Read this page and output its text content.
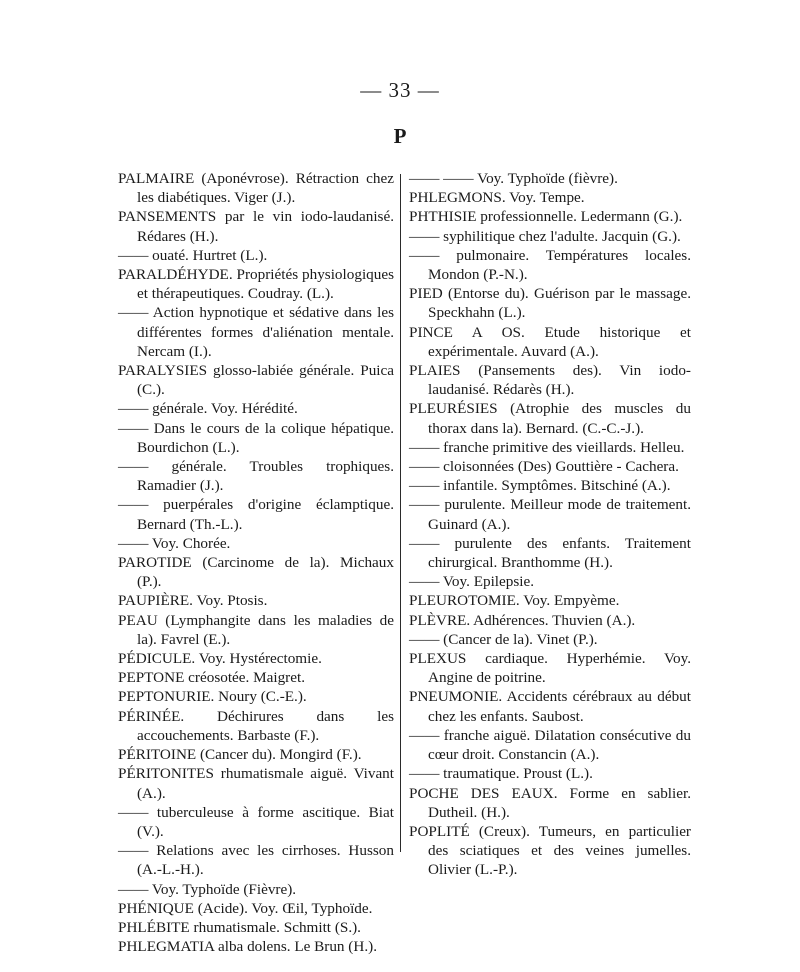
— 33 —
P

PALMAIRE (Aponévrose). Rétraction chez les diabétiques. Viger (J.).

PANSEMENTS par le vin iodo-laudanisé. Rédares (H.).

—— ouaté. Hurtret (L.).

PARALDÉHYDE. Propriétés physiologiques et thérapeutiques. Coudray. (L.).

—— Action hypnotique et sédative dans les différentes formes d'aliénation mentale. Nercam (I.).

PARALYSIES glosso-labiée générale. Puica (C.).

—— générale. Voy. Hérédité.

—— Dans le cours de la colique hépatique. Bourdichon (L.).

—— générale. Troubles trophiques. Ramadier (J.).

—— puerpérales d'origine éclamptique. Bernard (Th.-L.).

—— Voy. Chorée.

PAROTIDE (Carcinome de la). Michaux (P.).

PAUPIÈRE. Voy. Ptosis.

PEAU (Lymphangite dans les maladies de la). Favrel (E.).

PÉDICULE. Voy. Hystérectomie.

PEPTONE créosotée. Maigret.

PEPTONURIE. Noury (C.-E.).

PÉRINÉE. Déchirures dans les accouchements. Barbaste (F.).

PÉRITOINE (Cancer du). Mongird (F.).

PÉRITONITES rhumatismale aiguë. Vivant (A.).

—— tuberculeuse à forme ascitique. Biat (V.).

—— Relations avec les cirrhoses. Husson (A.-L.-H.).

—— Voy. Typhoïde (Fièvre).

PHÉNIQUE (Acide). Voy. Œil, Typhoïde.

PHLÉBITE rhumatismale. Schmitt (S.).

PHLEGMATIA alba dolens. Le Brun (H.).

—— —— Voy. Typhoïde (fièvre).

PHLEGMONS. Voy. Tempe.

PHTHISIE professionnelle. Ledermann (G.).

—— syphilitique chez l'adulte. Jacquin (G.).

—— pulmonaire. Températures locales. Mondon (P.-N.).

PIED (Entorse du). Guérison par le massage. Speckhahn (L.).

PINCE A OS. Etude historique et expérimentale. Auvard (A.).

PLAIES (Pansements des). Vin iodo-laudanisé. Rédarès (H.).

PLEURÉSIES (Atrophie des muscles du thorax dans la). Bernard. (C.-C.-J.).

—— franche primitive des vieillards. Helleu.

—— cloisonnées (Des) Gouttière - Cachera.

—— infantile. Symptômes. Bitschiné (A.).

—— purulente. Meilleur mode de traitement. Guinard (A.).

—— purulente des enfants. Traitement chirurgical. Branthomme (H.).

—— Voy. Epilepsie.

PLEUROTOMIE. Voy. Empyème.

PLÈVRE. Adhérences. Thuvien (A.).

—— (Cancer de la). Vinet (P.).

PLEXUS cardiaque. Hyperhémie. Voy. Angine de poitrine.

PNEUMONIE. Accidents cérébraux au début chez les enfants. Saubost.

—— franche aiguë. Dilatation consécutive du cœur droit. Constancin (A.).

—— traumatique. Proust (L.).

POCHE DES EAUX. Forme en sablier. Dutheil. (H.).

POPLITÉ (Creux). Tumeurs, en particulier des sciatiques et des veines jumelles. Olivier (L.-P.).
